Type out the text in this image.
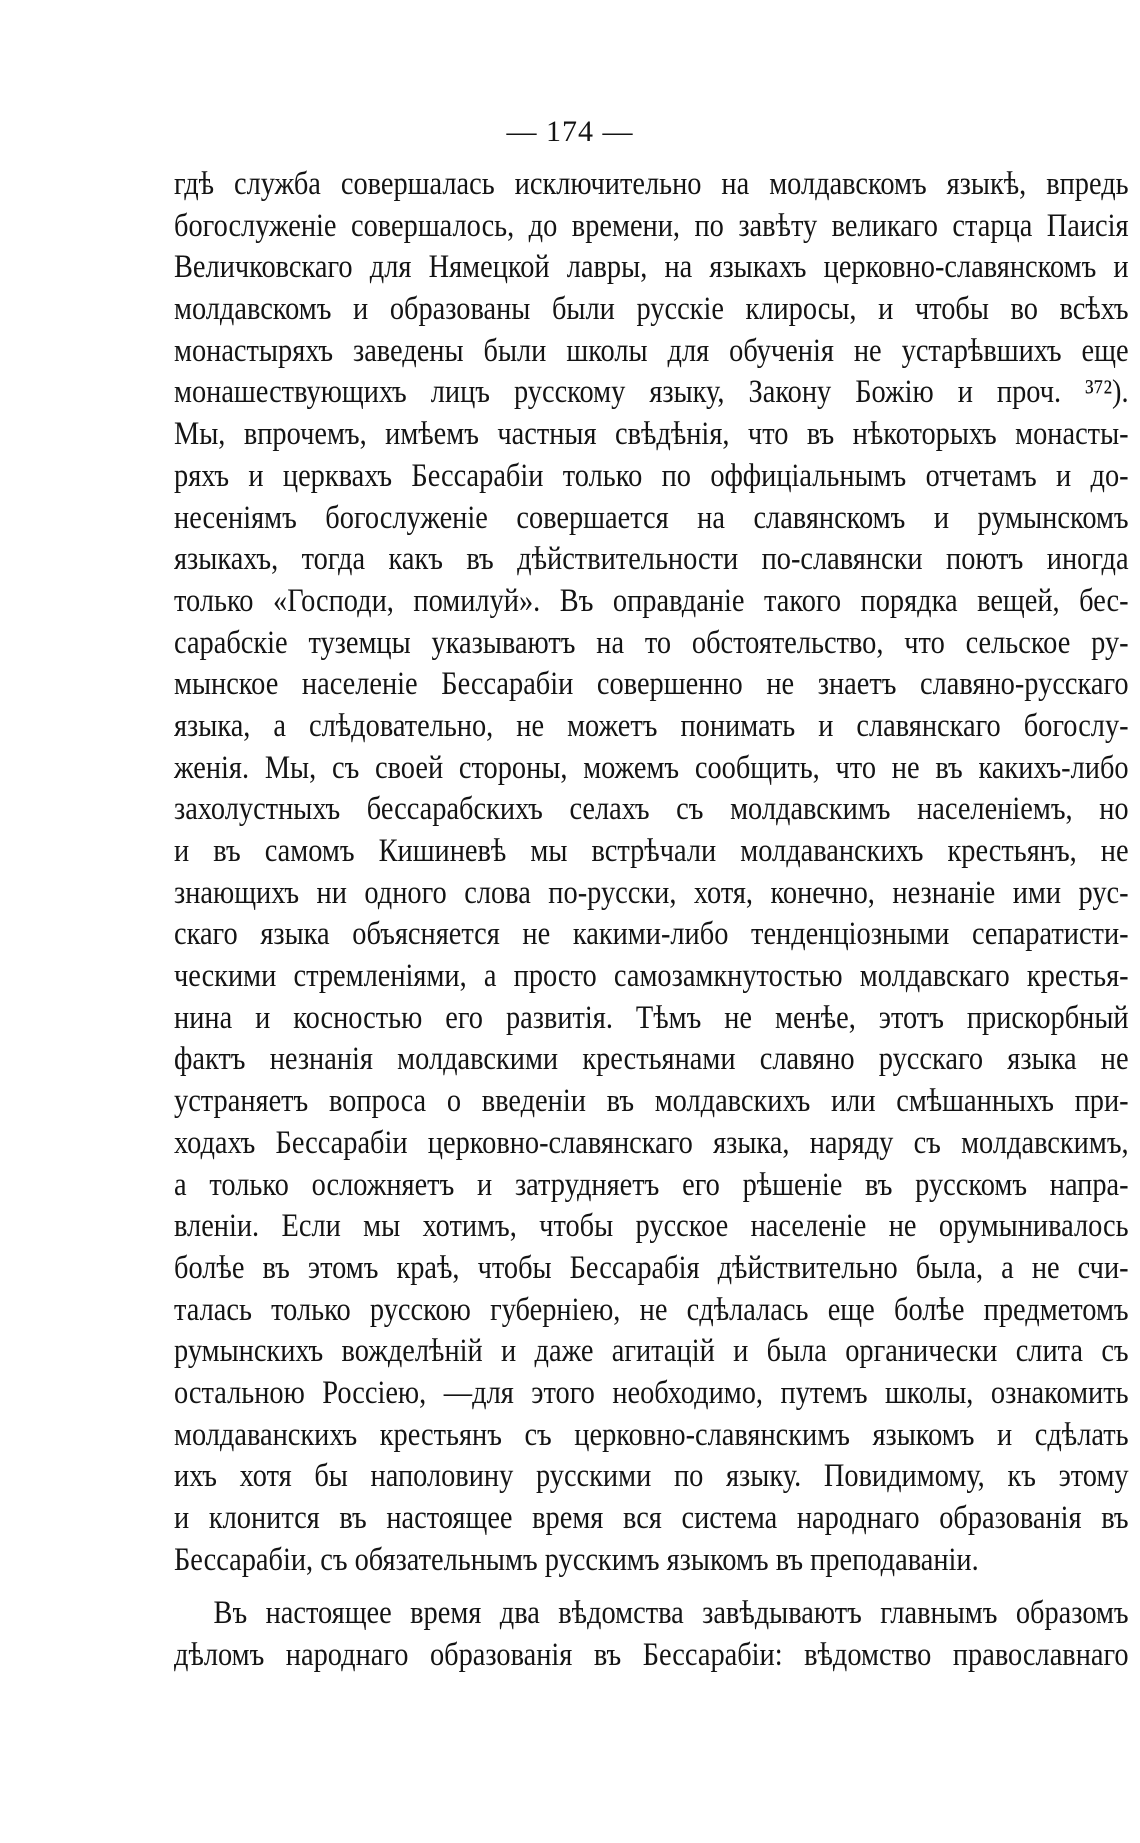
— 174 —
гдѣ служба совершалась исключительно на молдавскомъ языкѣ, впредь
богослуженіе совершалось, до времени, по завѣту великаго старца Паисія
Величковскаго для Нямецкой лавры, на языкахъ церковно-славянскомъ и
молдавскомъ и образованы были русскіе клиросы, и чтобы во всѣхъ
монастыряхъ заведены были школы для обученія не устарѣвшихъ еще
монашествующихъ лицъ русскому языку, Закону Божію и проч. ³⁷²).
Мы, впрочемъ, имѣемъ частныя свѣдѣнія, что въ нѣкоторыхъ монасты-
ряхъ и церквахъ Бессарабіи только по оффиціальнымъ отчетамъ и до-
несеніямъ богослуженіе совершается на славянскомъ и румынскомъ
языкахъ, тогда какъ въ дѣйствительности по-славянски поютъ иногда
только «Господи, помилуй». Въ оправданіе такого порядка вещей, бес-
сарабскіе туземцы указываютъ на то обстоятельство, что сельское ру-
мынское населеніе Бессарабіи совершенно не знаетъ славяно-русскаго
языка, а слѣдовательно, не можетъ понимать и славянскаго богослу-
женія. Мы, съ своей стороны, можемъ сообщить, что не въ какихъ-либо
захолустныхъ бессарабскихъ селахъ съ молдавскимъ населеніемъ, но
и въ самомъ Кишиневѣ мы встрѣчали молдаванскихъ крестьянъ, не
знающихъ ни одного слова по-русски, хотя, конечно, незнаніе ими рус-
скаго языка объясняется не какими-либо тенденціозными сепаратисти-
ческими стремленіями, а просто самозамкнутостью молдавскаго крестья-
нина и косностью его развитія. Тѣмъ не менѣе, этотъ прискорбный
фактъ незнанія молдавскими крестьянами славяно русскаго языка не
устраняетъ вопроса о введеніи въ молдавскихъ или смѣшанныхъ при-
ходахъ Бессарабіи церковно-славянскаго языка, наряду съ молдавскимъ,
а только осложняетъ и затрудняетъ его рѣшеніе въ русскомъ напра-
вленіи. Если мы хотимъ, чтобы русское населеніе не орумынивалось
болѣе въ этомъ краѣ, чтобы Бессарабія дѣйствительно была, а не счи-
талась только русскою губерніею, не сдѣлалась еще болѣе предметомъ
румынскихъ вожделѣній и даже агитацій и была органически слита съ
остальною Россіею, —для этого необходимо, путемъ школы, ознакомить
молдаванскихъ крестьянъ съ церковно-славянскимъ языкомъ и сдѣлать
ихъ хотя бы наполовину русскими по языку. Повидимому, къ этому
и клонится въ настоящее время вся система народнаго образованія въ
Бессарабіи, съ обязательнымъ русскимъ языкомъ въ преподаваніи.
Въ настоящее время два вѣдомства завѣдываютъ главнымъ образомъ
дѣломъ народнаго образованія въ Бессарабіи: вѣдомство православнаго
